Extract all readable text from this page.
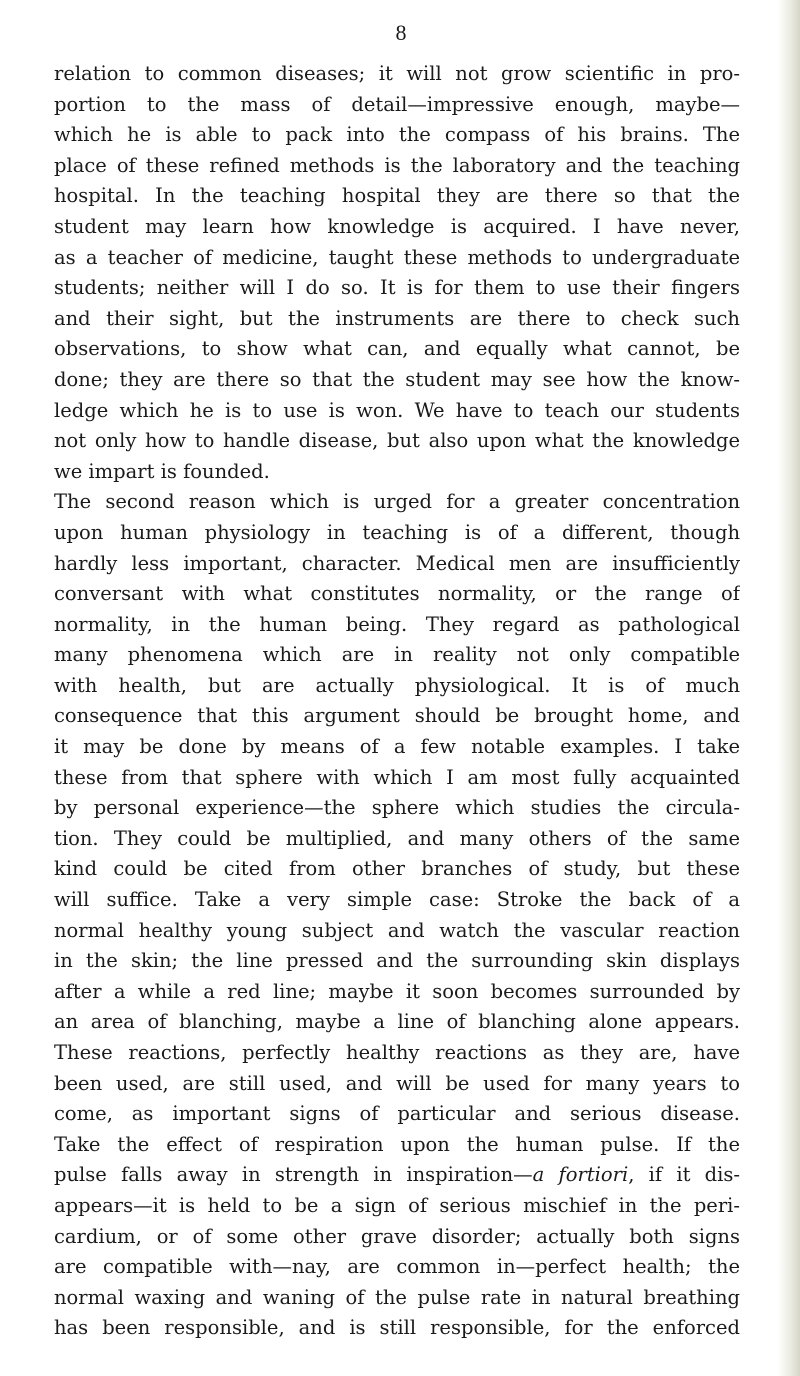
8
relation to common diseases; it will not grow scientific in pro-
portion to the mass of detail—impressive enough, maybe—
which he is able to pack into the compass of his brains. The
place of these refined methods is the laboratory and the teaching
hospital. In the teaching hospital they are there so that the
student may learn how knowledge is acquired. I have never,
as a teacher of medicine, taught these methods to undergraduate
students; neither will I do so. It is for them to use their fingers
and their sight, but the instruments are there to check such
observations, to show what can, and equally what cannot, be
done; they are there so that the student may see how the know-
ledge which he is to use is won. We have to teach our students
not only how to handle disease, but also upon what the knowledge
we impart is founded.
The second reason which is urged for a greater concentration
upon human physiology in teaching is of a different, though
hardly less important, character. Medical men are insufficiently
conversant with what constitutes normality, or the range of
normality, in the human being. They regard as pathological
many phenomena which are in reality not only compatible
with health, but are actually physiological. It is of much
consequence that this argument should be brought home, and
it may be done by means of a few notable examples. I take
these from that sphere with which I am most fully acquainted
by personal experience—the sphere which studies the circula-
tion. They could be multiplied, and many others of the same
kind could be cited from other branches of study, but these
will suffice. Take a very simple case: Stroke the back of a
normal healthy young subject and watch the vascular reaction
in the skin; the line pressed and the surrounding skin displays
after a while a red line; maybe it soon becomes surrounded by
an area of blanching, maybe a line of blanching alone appears.
These reactions, perfectly healthy reactions as they are, have
been used, are still used, and will be used for many years to
come, as important signs of particular and serious disease.
Take the effect of respiration upon the human pulse. If the
pulse falls away in strength in inspiration—a fortiori, if it dis-
appears—it is held to be a sign of serious mischief in the peri-
cardium, or of some other grave disorder; actually both signs
are compatible with—nay, are common in—perfect health; the
normal waxing and waning of the pulse rate in natural breathing
has been responsible, and is still responsible, for the enforced
